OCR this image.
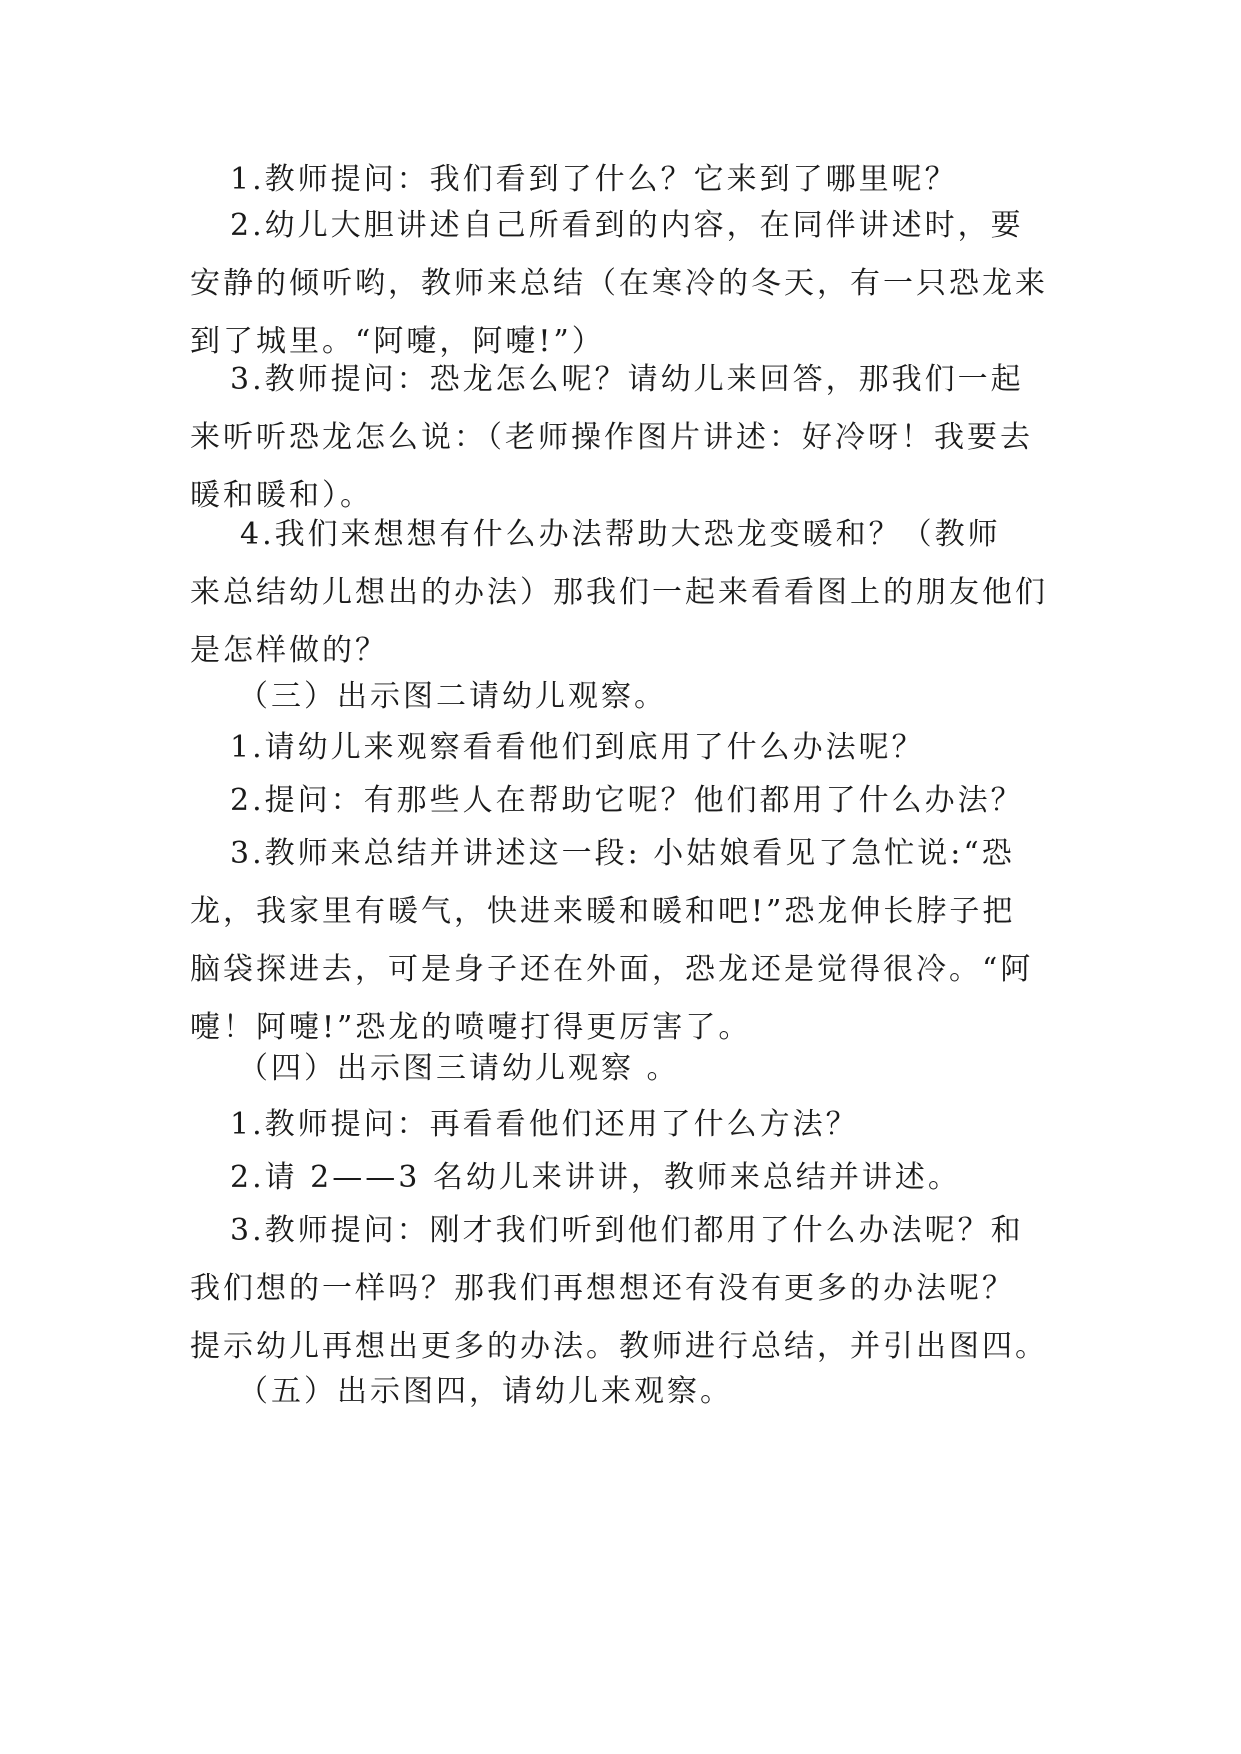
1.教师提问：我们看到了什么？它来到了哪里呢？

2.幼儿大胆讲述自己所看到的内容，在同伴讲述时，要
安静的倾听哟，教师来总结（在寒冷的冬天，有一只恐龙来
到了城里。“阿嚏，阿嚏!”）

3.教师提问：恐龙怎么呢？请幼儿来回答，那我们一起
来听听恐龙怎么说：（老师操作图片讲述：好冷呀！我要去
暖和暖和）。

4.我们来想想有什么办法帮助大恐龙变暖和？（教师
来总结幼儿想出的办法）那我们一起来看看图上的朋友他们
是怎样做的？

（三）出示图二请幼儿观察。

1.请幼儿来观察看看他们到底用了什么办法呢？

2.提问：有那些人在帮助它呢？他们都用了什么办法？

3.教师来总结并讲述这一段: 小姑娘看见了急忙说:“恐
龙，我家里有暖气，快进来暖和暖和吧!”恐龙伸长脖子把
脑袋探进去，可是身子还在外面，恐龙还是觉得很冷。“阿
嚏！阿嚏!”恐龙的喷嚏打得更厉害了。

（四）出示图三请幼儿观察 。

1.教师提问：再看看他们还用了什么方法？

2.请 2——3 名幼儿来讲讲，教师来总结并讲述。

3.教师提问：刚才我们听到他们都用了什么办法呢？和
我们想的一样吗？那我们再想想还有没有更多的办法呢？
提示幼儿再想出更多的办法。教师进行总结，并引出图四。

（五）出示图四，请幼儿来观察。
